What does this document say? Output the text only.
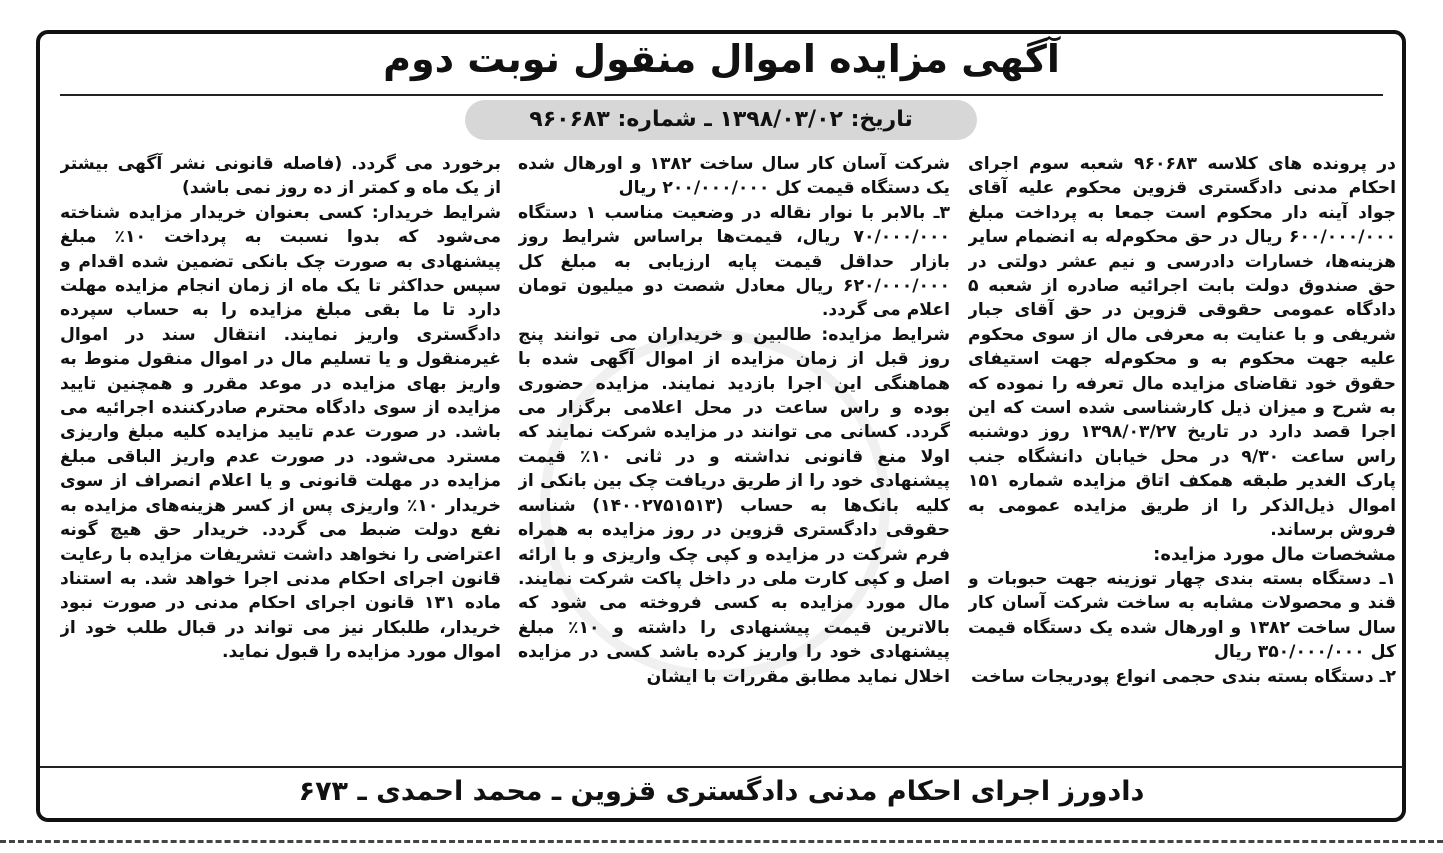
آگهی مزایده اموال منقول نوبت دوم
تاریخ: ۱۳۹۸/۰۳/۰۲ ـ شماره: ۹۶۰۶۸۳

در پرونده های کلاسه ۹۶۰۶۸۳ شعبه سوم اجرای احکام مدنی دادگستری قزوین محکوم علیه آقای جواد آینه دار محکوم است جمعا به پرداخت مبلغ ۶۰۰/۰۰۰/۰۰۰ ریال در حق محکوم‌له به انضمام سایر هزینه‌ها، خسارات دادرسی و نیم عشر دولتی در حق صندوق دولت بابت اجرائیه صادره از شعبه ۵ دادگاه عمومی حقوقی قزوین در حق آقای جبار شریفی و با عنایت به معرفی مال از سوی محکوم علیه جهت محکوم به و محکوم‌له جهت استیفای حقوق خود تقاضای مزایده مال تعرفه را نموده که به شرح و میزان ذیل کارشناسی شده است که این اجرا قصد دارد در تاریخ ۱۳۹۸/۰۳/۲۷ روز دوشنبه راس ساعت ۹/۳۰ در محل خیابان دانشگاه جنب پارک الغدیر طبقه همکف اتاق مزایده شماره ۱۵۱ اموال ذیل‌الذکر را از طریق مزایده عمومی به فروش برساند.

مشخصات مال مورد مزایده:

۱ـ دستگاه بسته بندی چهار توزینه جهت حبوبات و قند و محصولات مشابه به ساخت شرکت آسان کار سال ساخت ۱۳۸۲ و اورهال شده یک دستگاه قیمت کل ۳۵۰/۰۰۰/۰۰۰ ریال

۲ـ دستگاه بسته بندی حجمی انواع پودریجات ساخت

شرکت آسان کار سال ساخت ۱۳۸۲ و اورهال شده یک دستگاه قیمت کل ۲۰۰/۰۰۰/۰۰۰ ریال

۳ـ بالابر با نوار نقاله در وضعیت مناسب ۱ دستگاه ۷۰/۰۰۰/۰۰۰ ریال، قیمت‌ها براساس شرایط روز بازار حداقل قیمت پایه ارزیابی به مبلغ کل ۶۲۰/۰۰۰/۰۰۰ ریال معادل شصت دو میلیون تومان اعلام می گردد.

شرایط مزایده: طالبین و خریداران می توانند پنج روز قبل از زمان مزایده از اموال آگهی شده با هماهنگی این اجرا بازدید نمایند. مزایده حضوری بوده و راس ساعت در محل اعلامی برگزار می گردد. کسانی می توانند در مزایده شرکت نمایند که اولا منع قانونی نداشته و در ثانی ۱۰٪ قیمت پیشنهادی خود را از طریق دریافت چک بین بانکی از کلیه بانک‌ها به حساب (۱۴۰۰۲۷۵۱۵۱۳) شناسه حقوقی دادگستری قزوین در روز مزایده به همراه فرم شرکت در مزایده و کپی چک واریزی و با ارائه اصل و کپی کارت ملی در داخل پاکت شرکت نمایند. مال مورد مزایده به کسی فروخته می شود که بالاترین قیمت پیشنهادی را داشته و ۱۰٪ مبلغ پیشنهادی خود را واریز کرده باشد کسی در مزایده اخلال نماید مطابق مقررات با ایشان

برخورد می گردد. (فاصله قانونی نشر آگهی بیشتر از یک ماه و کمتر از ده روز نمی باشد)

شرایط خریدار: کسی بعنوان خریدار مزایده شناخته می‌شود که بدوا نسبت به پرداخت ۱۰٪ مبلغ پیشنهادی به صورت چک بانکی تضمین شده اقدام و سپس حداکثر تا یک ماه از زمان انجام مزایده مهلت دارد تا ما بقی مبلغ مزایده را به حساب سپرده دادگستری واریز نمایند. انتقال سند در اموال غیرمنقول و یا تسلیم مال در اموال منقول منوط به واریز بهای مزایده در موعد مقرر و همچنین تایید مزایده از سوی دادگاه محترم صادرکننده اجرائیه می باشد. در صورت عدم تایید مزایده کلیه مبلغ واریزی مسترد می‌شود. در صورت عدم واریز الباقی مبلغ مزایده در مهلت قانونی و یا اعلام انصراف از سوی خریدار ۱۰٪ واریزی پس از کسر هزینه‌های مزایده به نفع دولت ضبط می گردد. خریدار حق هیچ گونه اعتراضی را نخواهد داشت تشریفات مزایده با رعایت قانون اجرای احکام مدنی اجرا خواهد شد. به استناد ماده ۱۳۱ قانون اجرای احکام مدنی در صورت نبود خریدار، طلبکار نیز می تواند در قبال طلب خود از اموال مورد مزایده را قبول نماید.

دادورز اجرای احکام مدنی دادگستری قزوین ـ محمد احمدی ـ ۶۷۳
